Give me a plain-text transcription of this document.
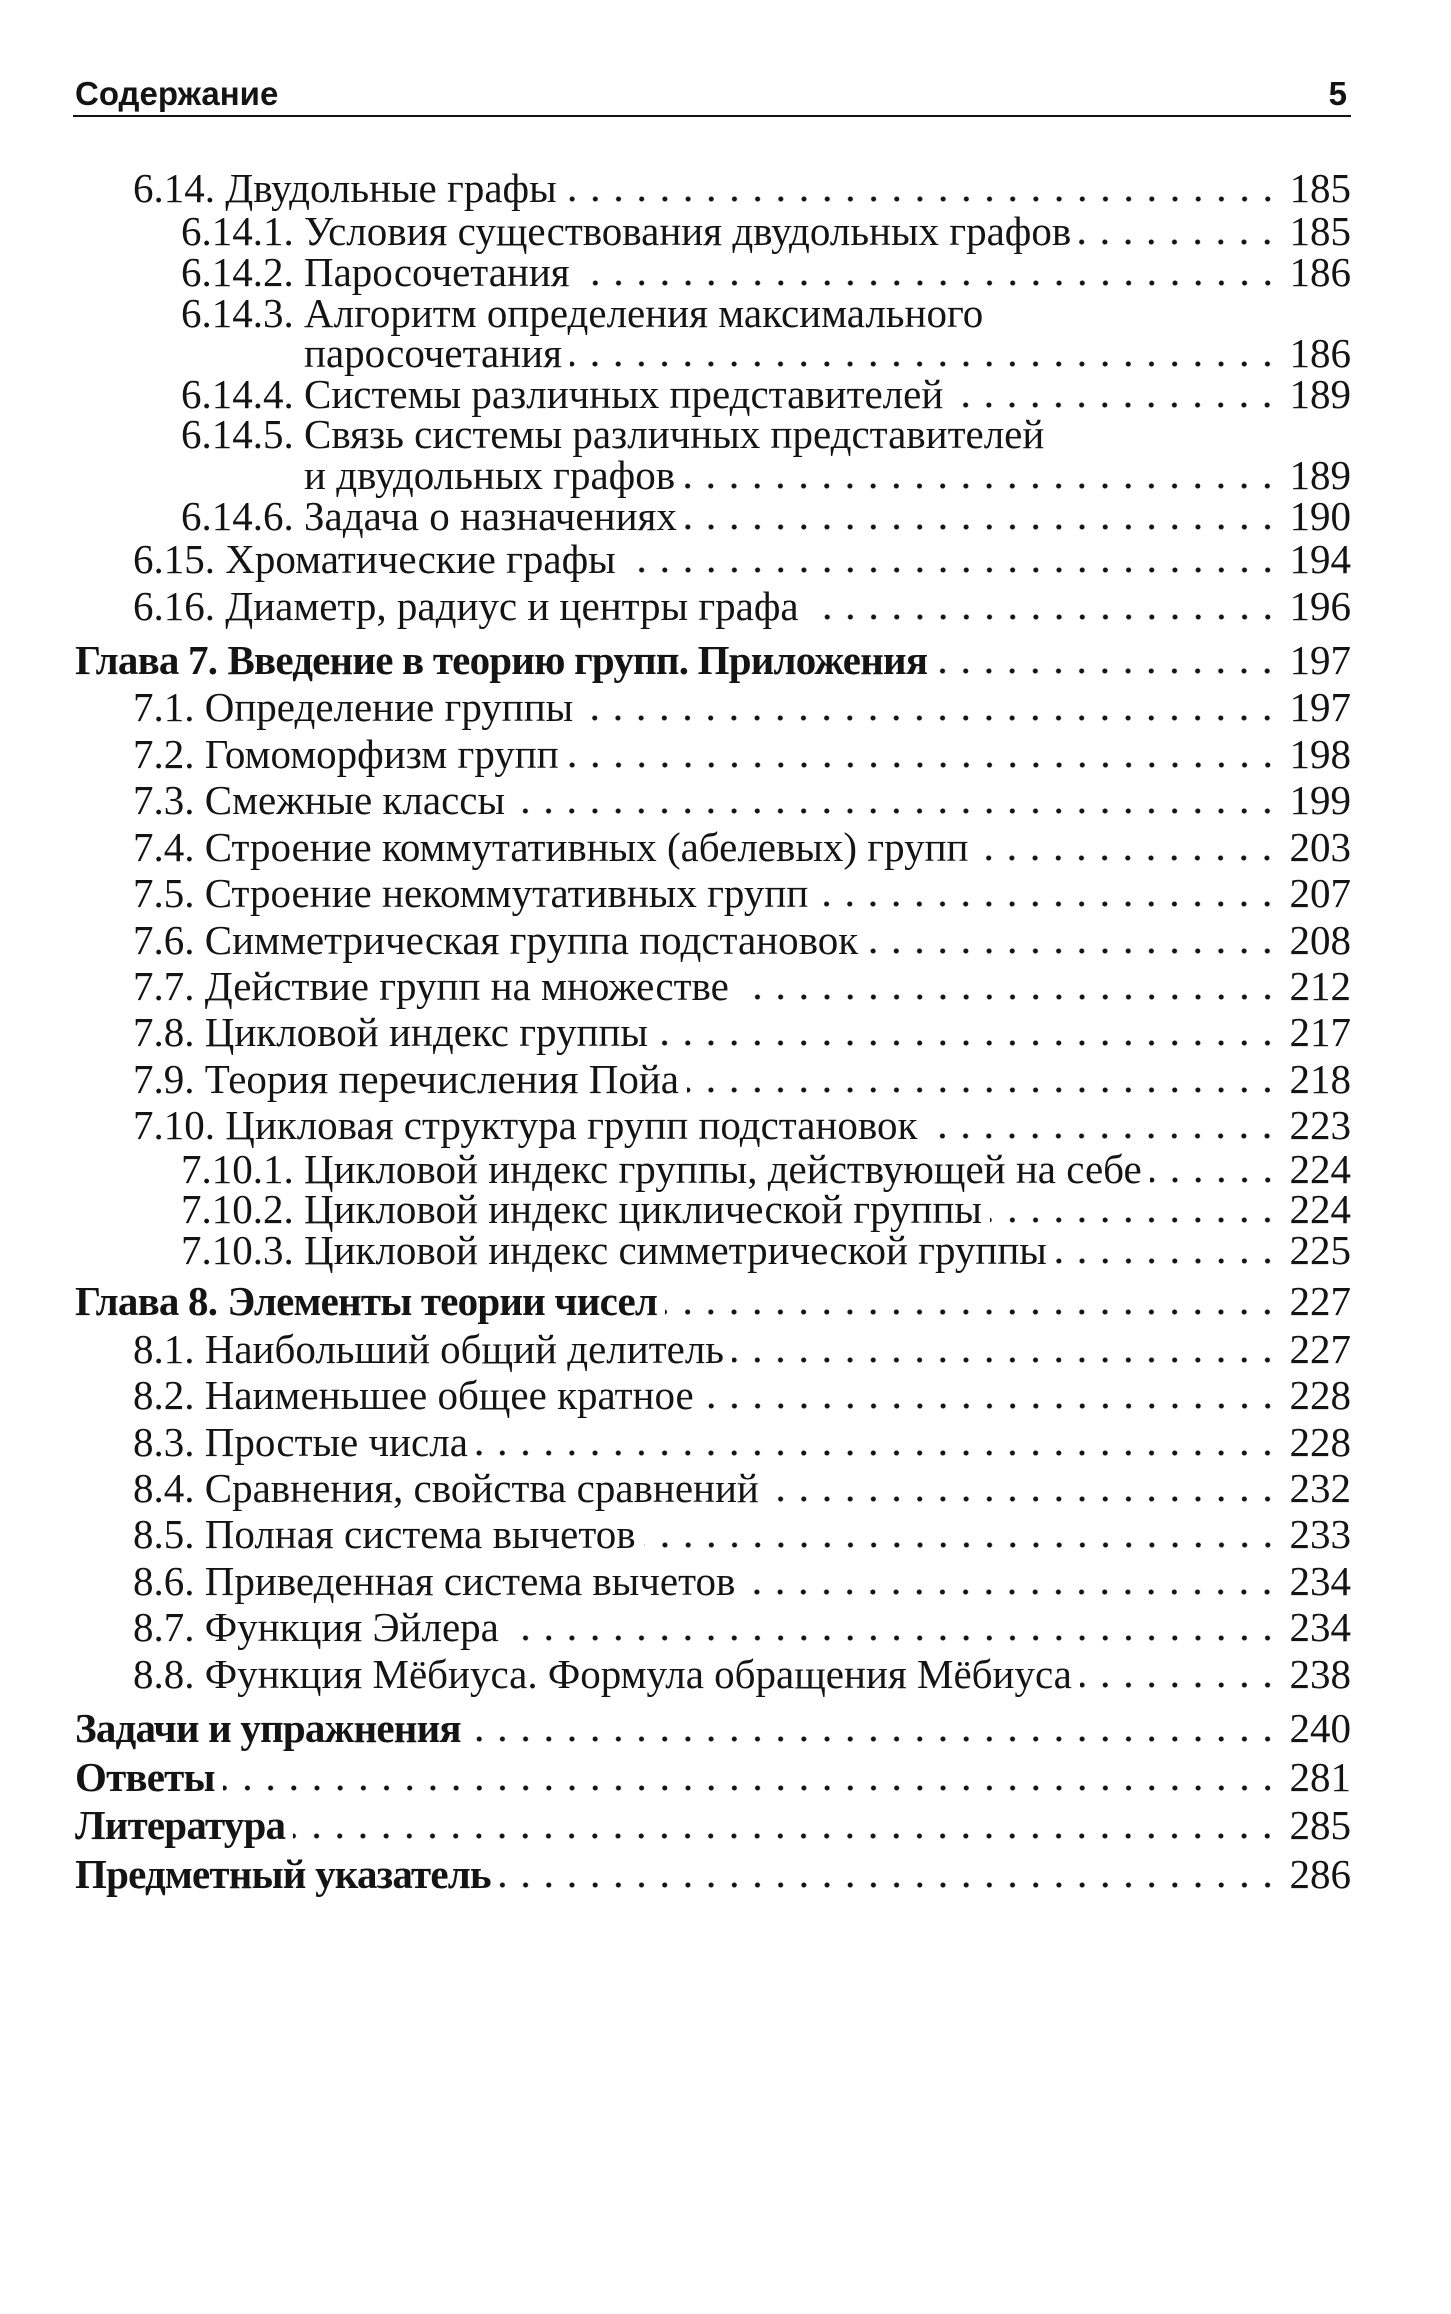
Содержание	5
6.14. Двудольные графы	185
6.14.1. Условия существования двудольных графов	185
6.14.2. Паросочетания	186
6.14.3. Алгоритм определения максимального
паросочетания	186
6.14.4. Системы различных представителей	189
6.14.5. Связь системы различных представителей
и двудольных графов	189
6.14.6. Задача о назначениях	190
6.15. Хроматические графы	194
6.16. Диаметр, радиус и центры графа	196
Глава 7. Введение в теорию групп. Приложения	197
7.1. Определение группы	197
7.2. Гомоморфизм групп	198
7.3. Смежные классы	199
7.4. Строение коммутативных (абелевых) групп	203
7.5. Строение некоммутативных групп	207
7.6. Симметрическая группа подстановок	208
7.7. Действие групп на множестве	212
7.8. Цикловой индекс группы	217
7.9. Теория перечисления Пойа	218
7.10. Цикловая структура групп подстановок	223
7.10.1. Цикловой индекс группы, действующей на себе	224
7.10.2. Цикловой индекс циклической группы	224
7.10.3. Цикловой индекс симметрической группы	225
Глава 8. Элементы теории чисел	227
8.1. Наибольший общий делитель	227
8.2. Наименьшее общее кратное	228
8.3. Простые числа	228
8.4. Сравнения, свойства сравнений	232
8.5. Полная система вычетов	233
8.6. Приведенная система вычетов	234
8.7. Функция Эйлера	234
8.8. Функция Мёбиуса. Формула обращения Мёбиуса	238
Задачи и упражнения	240
Ответы	281
Литература	285
Предметный указатель	286
